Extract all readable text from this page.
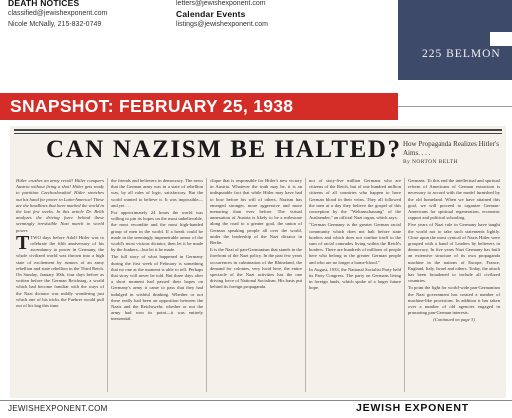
DEATH NOTICES
classified@jewishexponent.com
Nicole McNally, 215-832-0749
letters@jewishexponent.com
Calendar Events
listings@jewishexponent.com
225 BELMON
SNAPSHOT: FEBRUARY 25, 1938
CAN NAZISM BE HALTED? How Propaganda Realizes Hitler's Aims. . . .
By NORTON BELTH

Hitler crushes an army revolt! Hitler conquers Austria without firing a shot! Hitler gets ready to partition Czechoslovakia! Hitler stretches out his hand for power in Latin-America! These are the headlines that have marked the world in the last few weeks. In this article Dr. Belth analyzes the driving force behind these seemingly irresistible Nazi march to world power.

TTWO days before Adolf Hitler was to celebrate the fifth anniversary of his ascendancy to power in Germany, the whole civilized world was thrown into a high state of excitement by rumors of an army rebellion and state rebellion in the Third Reich. On Sunday, January 30th, four days before as written before the German Reichstag, a world which had become familiar with the ways of the Nazi dictator was mildly wondering just which one of his tricks the Fuehrer would pull out of his bag this time.

the friends and believers in democracy. The news that the German army was in a state of rebellion was, by all rules of logic, satisfactory. But the world wanted to believe it. It was impossible—and yet . . .

For approximately 24 hours the world was willing to pin its hopes on the most unbelievable, the most recondite and the most high-handed group of men in the world. If a break could be made in the seemingly impenetrable armor of the world's most vicious dictator, then let it be made by the Junkers—but let it be made.

The full story of what happened in Germany during the first week of February is something that no one at the moment is able to tell. Perhaps that story will never be told. But three days after a short moment had passed their hopes on Germany's army it came to pass that they had indulged in wishful thinking. Whether or not there really had been an opposition between the Nazis and the Reichswehr, whether or not the army had won its point—it was entirely inessential.

clique that is responsible for Hitler's new victory in Austria. Whatever the truth may be, it is an indisputable fact that while Hitler may have had to bow before his will of others, Nazism has emerged stronger, more aggressive and more menacing than ever before. The virtual annexation of Austria is likely to be a milestone along the road to a greater goal, the union of German speaking people all over the world, under the leadership of the Nazi dictator in Berlin.

It is the Nazi of pan-Germanism that stands in the forefront of the Nazi policy. In the past few years occurrences in culmination of the Rhineland, the demand for colonies, very lucid here, the entire spectacle of the Nazi activities has the one driving force of National Socialism. His basis put behind its foreign propaganda.

nor of sixty-five million Germans who are citizens of the Reich, but of one hundred million citizens of all countries who happen to have German blood in their veins. They all followed the men at a day they believe the gospel of this conception by the "Weltanschauung" of the Auslaender," an official Nazi organ, which says:

"German Germany is the greater German racial community which does not halt before state borders and which does not confine itself to the sum of racial comrades living within the Reich's borders. There are hundreds of millions of people here who belong to the greater German people and who are no longer a home-blood."

In August, 1933, the National Socialist Party held its Party Congress. The party on Germans living in foreign lands, which spoke of a larger future hope.

Germans. To this end the intellectual and spiritual reform of Americans of German extraction is necessary to accord with the model furnished by the old homeland. When we have attained this goal, we will proceed to organize German-Americans for spiritual regeneration, economic rapport and political schooling.

Five years of Nazi rule in Germany have taught the world not to take such statements lightly. Close upon the most cynical of Nazis Hitler were grouped with a band of Leaders by believers in democracy. In five years Nazi Germany has built an extensive structure of its own propaganda machine in the nations of Europe, France, England, Italy, Israel and others. Today, the attack has been broadened to include all civilized countries.

To point the fight for world-wide pan-Germanism the Nazi government has created a number of machine-like provisions. In addition it has taken over a number of old agencies engaged in promoting pan-German interests.

(Continued on page 3)

JEWISHEXPONENT.COM	JEWISH EXPONENT
